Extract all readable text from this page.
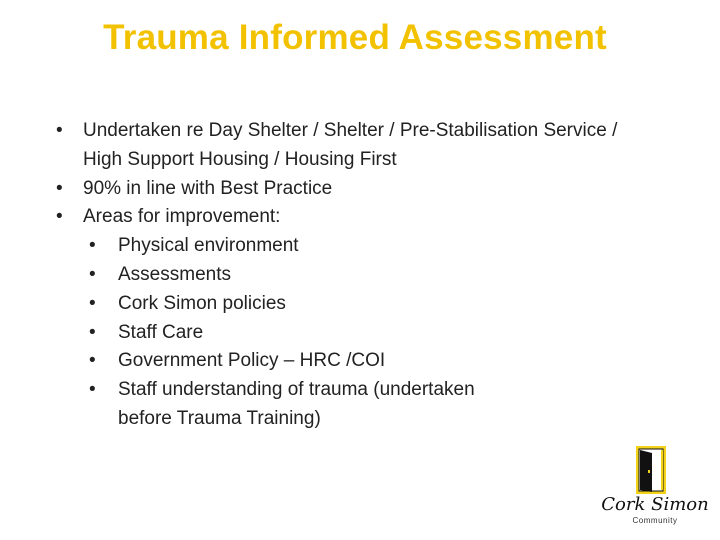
Trauma Informed Assessment
• Undertaken re Day Shelter / Shelter / Pre-Stabilisation Service / High Support Housing / Housing First
• 90% in line with Best Practice
• Areas for improvement:
• Physical environment
• Assessments
• Cork Simon policies
• Staff Care
• Government Policy – HRC /COI
• Staff understanding of trauma (undertaken before Trauma Training)
Cork Simon
Community
